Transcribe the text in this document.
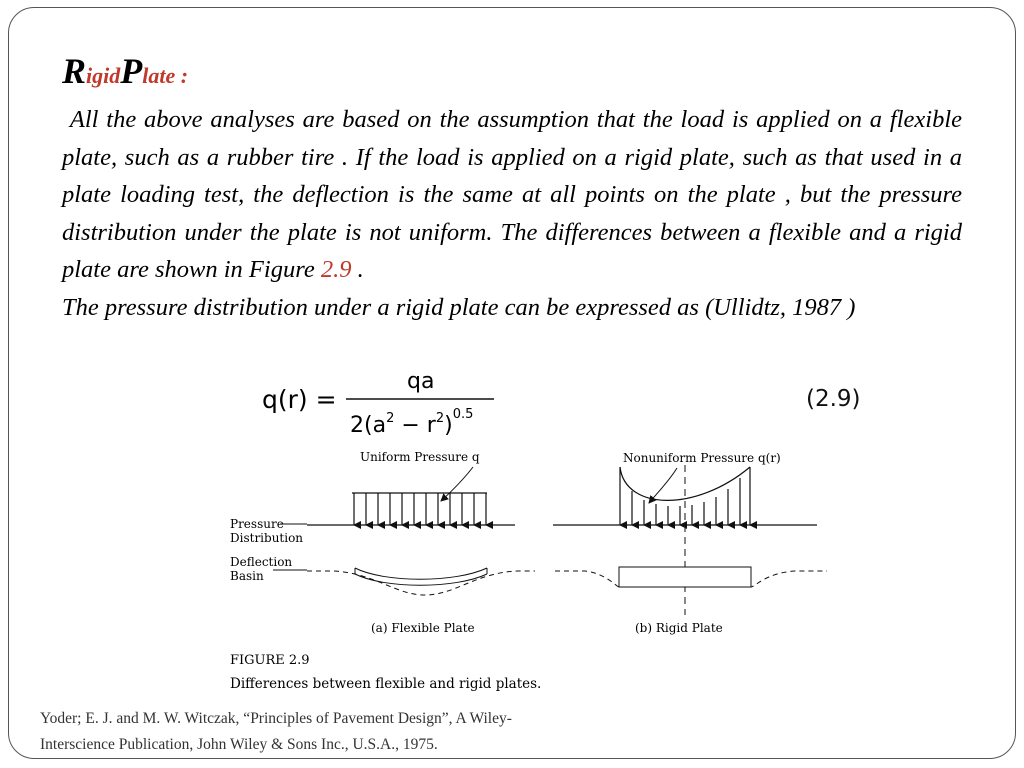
RigidPlate :

All the above analyses are based on the assumption that the load is applied on a flexible plate, such as a rubber tire . If the load is applied on a rigid plate, such as that used in a plate loading test, the deflection is the same at all points on the plate , but the pressure distribution under the plate is not uniform. The differences between a flexible and a rigid plate are shown in Figure 2.9 .

The pressure distribution under a rigid plate can be expressed as (Ullidtz, 1987 )

q(r) =
qa
$2(a^2 - r^2)^{0.5}$
(2.9)
Uniform Pressure q	Nonuniform Pressure q(r)
Pressure
Distribution
Deflection
Basin
(a) Flexible Plate	(b) Rigid Plate
FIGURE 2.9
Differences between flexible and rigid plates.
Yoder; E. J. and M. W. Witczak, “Principles of Pavement Design”, A Wiley-
Interscience Publication, John Wiley & Sons Inc., U.S.A., 1975.
